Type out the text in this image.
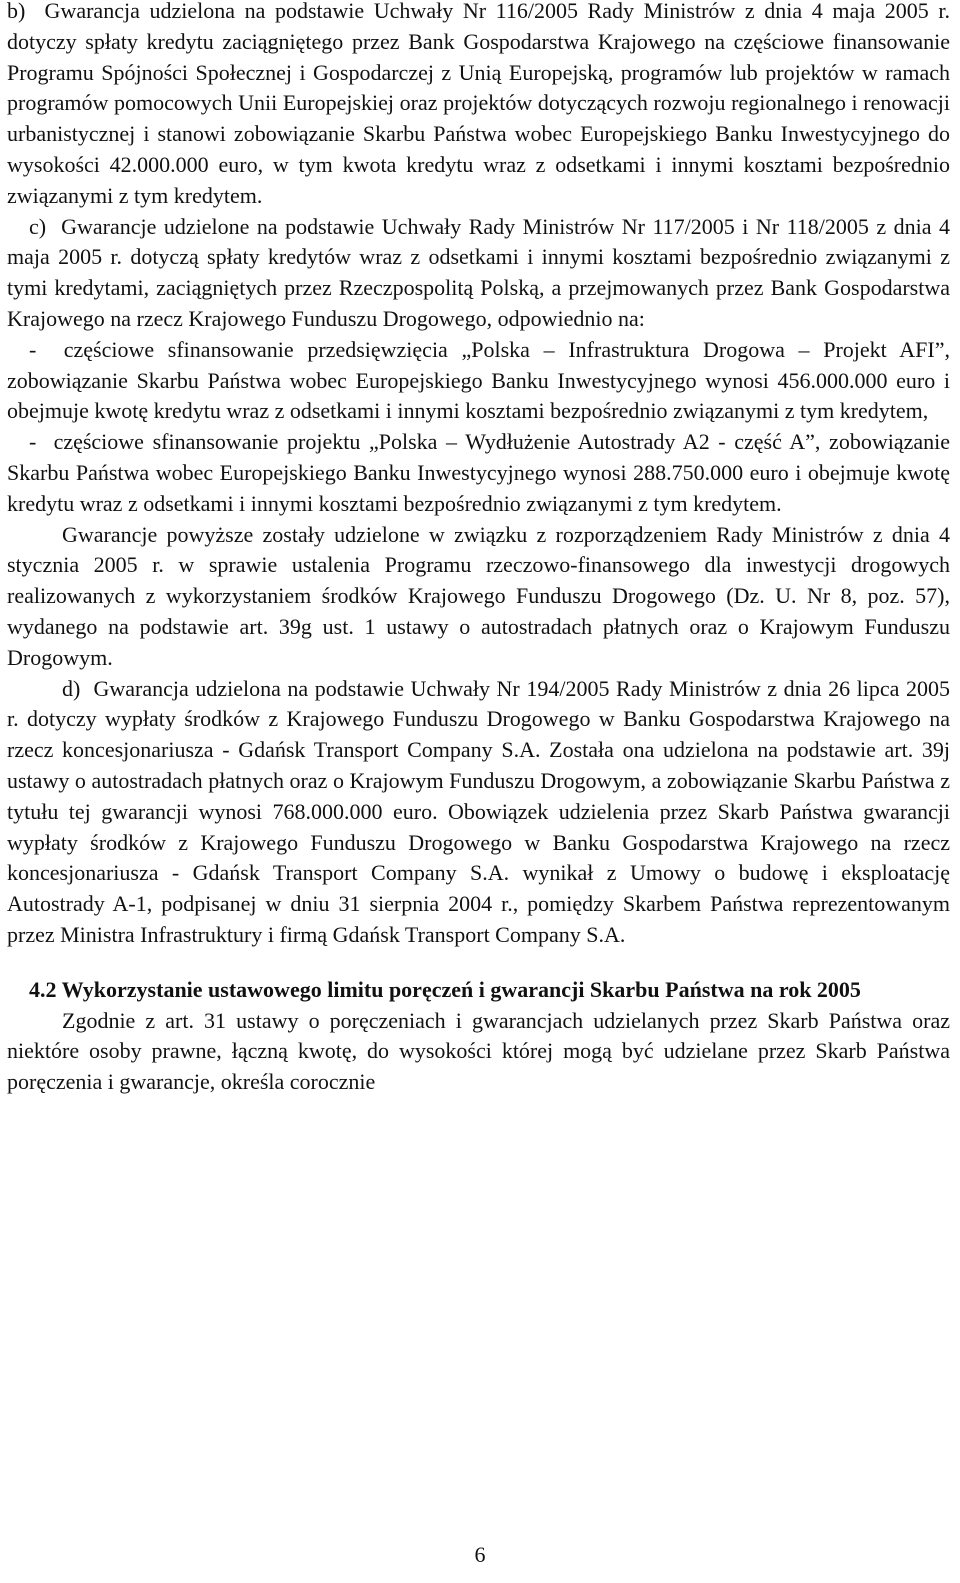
b)  Gwarancja udzielona na podstawie Uchwały Nr 116/2005 Rady Ministrów z dnia 4 maja 2005 r. dotyczy spłaty kredytu zaciągniętego przez Bank Gospodarstwa Krajowego na częściowe finansowanie Programu Spójności Społecznej i Gospodarczej z Unią Europejską, programów lub projektów w ramach programów pomocowych Unii Europejskiej oraz projektów dotyczących rozwoju regionalnego i renowacji urbanistycznej i stanowi zobowiązanie Skarbu Państwa wobec Europejskiego Banku Inwestycyjnego do wysokości 42.000.000 euro, w tym kwota kredytu wraz z odsetkami i innymi kosztami bezpośrednio związanymi z tym kredytem.

c)  Gwarancje udzielone na podstawie Uchwały Rady Ministrów Nr 117/2005 i Nr 118/2005 z dnia 4 maja 2005 r. dotyczą spłaty kredytów wraz z odsetkami i innymi kosztami bezpośrednio związanymi z tymi kredytami, zaciągniętych przez Rzeczpospolitą Polską, a przejmowanych przez Bank Gospodarstwa Krajowego na rzecz Krajowego Funduszu Drogowego, odpowiednio na:

-  częściowe sfinansowanie przedsięwzięcia „Polska – Infrastruktura Drogowa – Projekt AFI”, zobowiązanie Skarbu Państwa wobec Europejskiego Banku Inwestycyjnego wynosi 456.000.000 euro i obejmuje kwotę kredytu wraz z odsetkami i innymi kosztami bezpośrednio związanymi z tym kredytem,

-  częściowe sfinansowanie projektu „Polska – Wydłużenie Autostrady A2 - część A”, zobowiązanie Skarbu Państwa wobec Europejskiego Banku Inwestycyjnego wynosi 288.750.000 euro i obejmuje kwotę kredytu wraz z odsetkami i innymi kosztami bezpośrednio związanymi z tym kredytem.

Gwarancje powyższe zostały udzielone w związku z rozporządzeniem Rady Ministrów z dnia 4 stycznia 2005 r. w sprawie ustalenia Programu rzeczowo-finansowego dla inwestycji drogowych realizowanych z wykorzystaniem środków Krajowego Funduszu Drogowego (Dz. U. Nr 8, poz. 57), wydanego na podstawie art. 39g ust. 1 ustawy o autostradach płatnych oraz o Krajowym Funduszu Drogowym.

d)  Gwarancja udzielona na podstawie Uchwały Nr 194/2005 Rady Ministrów z dnia 26 lipca 2005 r. dotyczy wypłaty środków z Krajowego Funduszu Drogowego w Banku Gospodarstwa Krajowego na rzecz koncesjonariusza - Gdańsk Transport Company S.A. Została ona udzielona na podstawie art. 39j ustawy o autostradach płatnych oraz o Krajowym Funduszu Drogowym, a zobowiązanie Skarbu Państwa z tytułu tej gwarancji wynosi 768.000.000 euro. Obowiązek udzielenia przez Skarb Państwa gwarancji wypłaty środków z Krajowego Funduszu Drogowego w Banku Gospodarstwa Krajowego na rzecz koncesjonariusza - Gdańsk Transport Company S.A. wynikał z Umowy o budowę i eksploatację Autostrady A-1, podpisanej w dniu 31 sierpnia 2004 r., pomiędzy Skarbem Państwa reprezentowanym przez Ministra Infrastruktury i firmą Gdańsk Transport Company S.A.

4.2 Wykorzystanie ustawowego limitu poręczeń i gwarancji Skarbu Państwa na rok 2005

Zgodnie z art. 31 ustawy o poręczeniach i gwarancjach udzielanych przez Skarb Państwa oraz niektóre osoby prawne, łączną kwotę, do wysokości której mogą być udzielane przez Skarb Państwa poręczenia i gwarancje, określa corocznie

6
